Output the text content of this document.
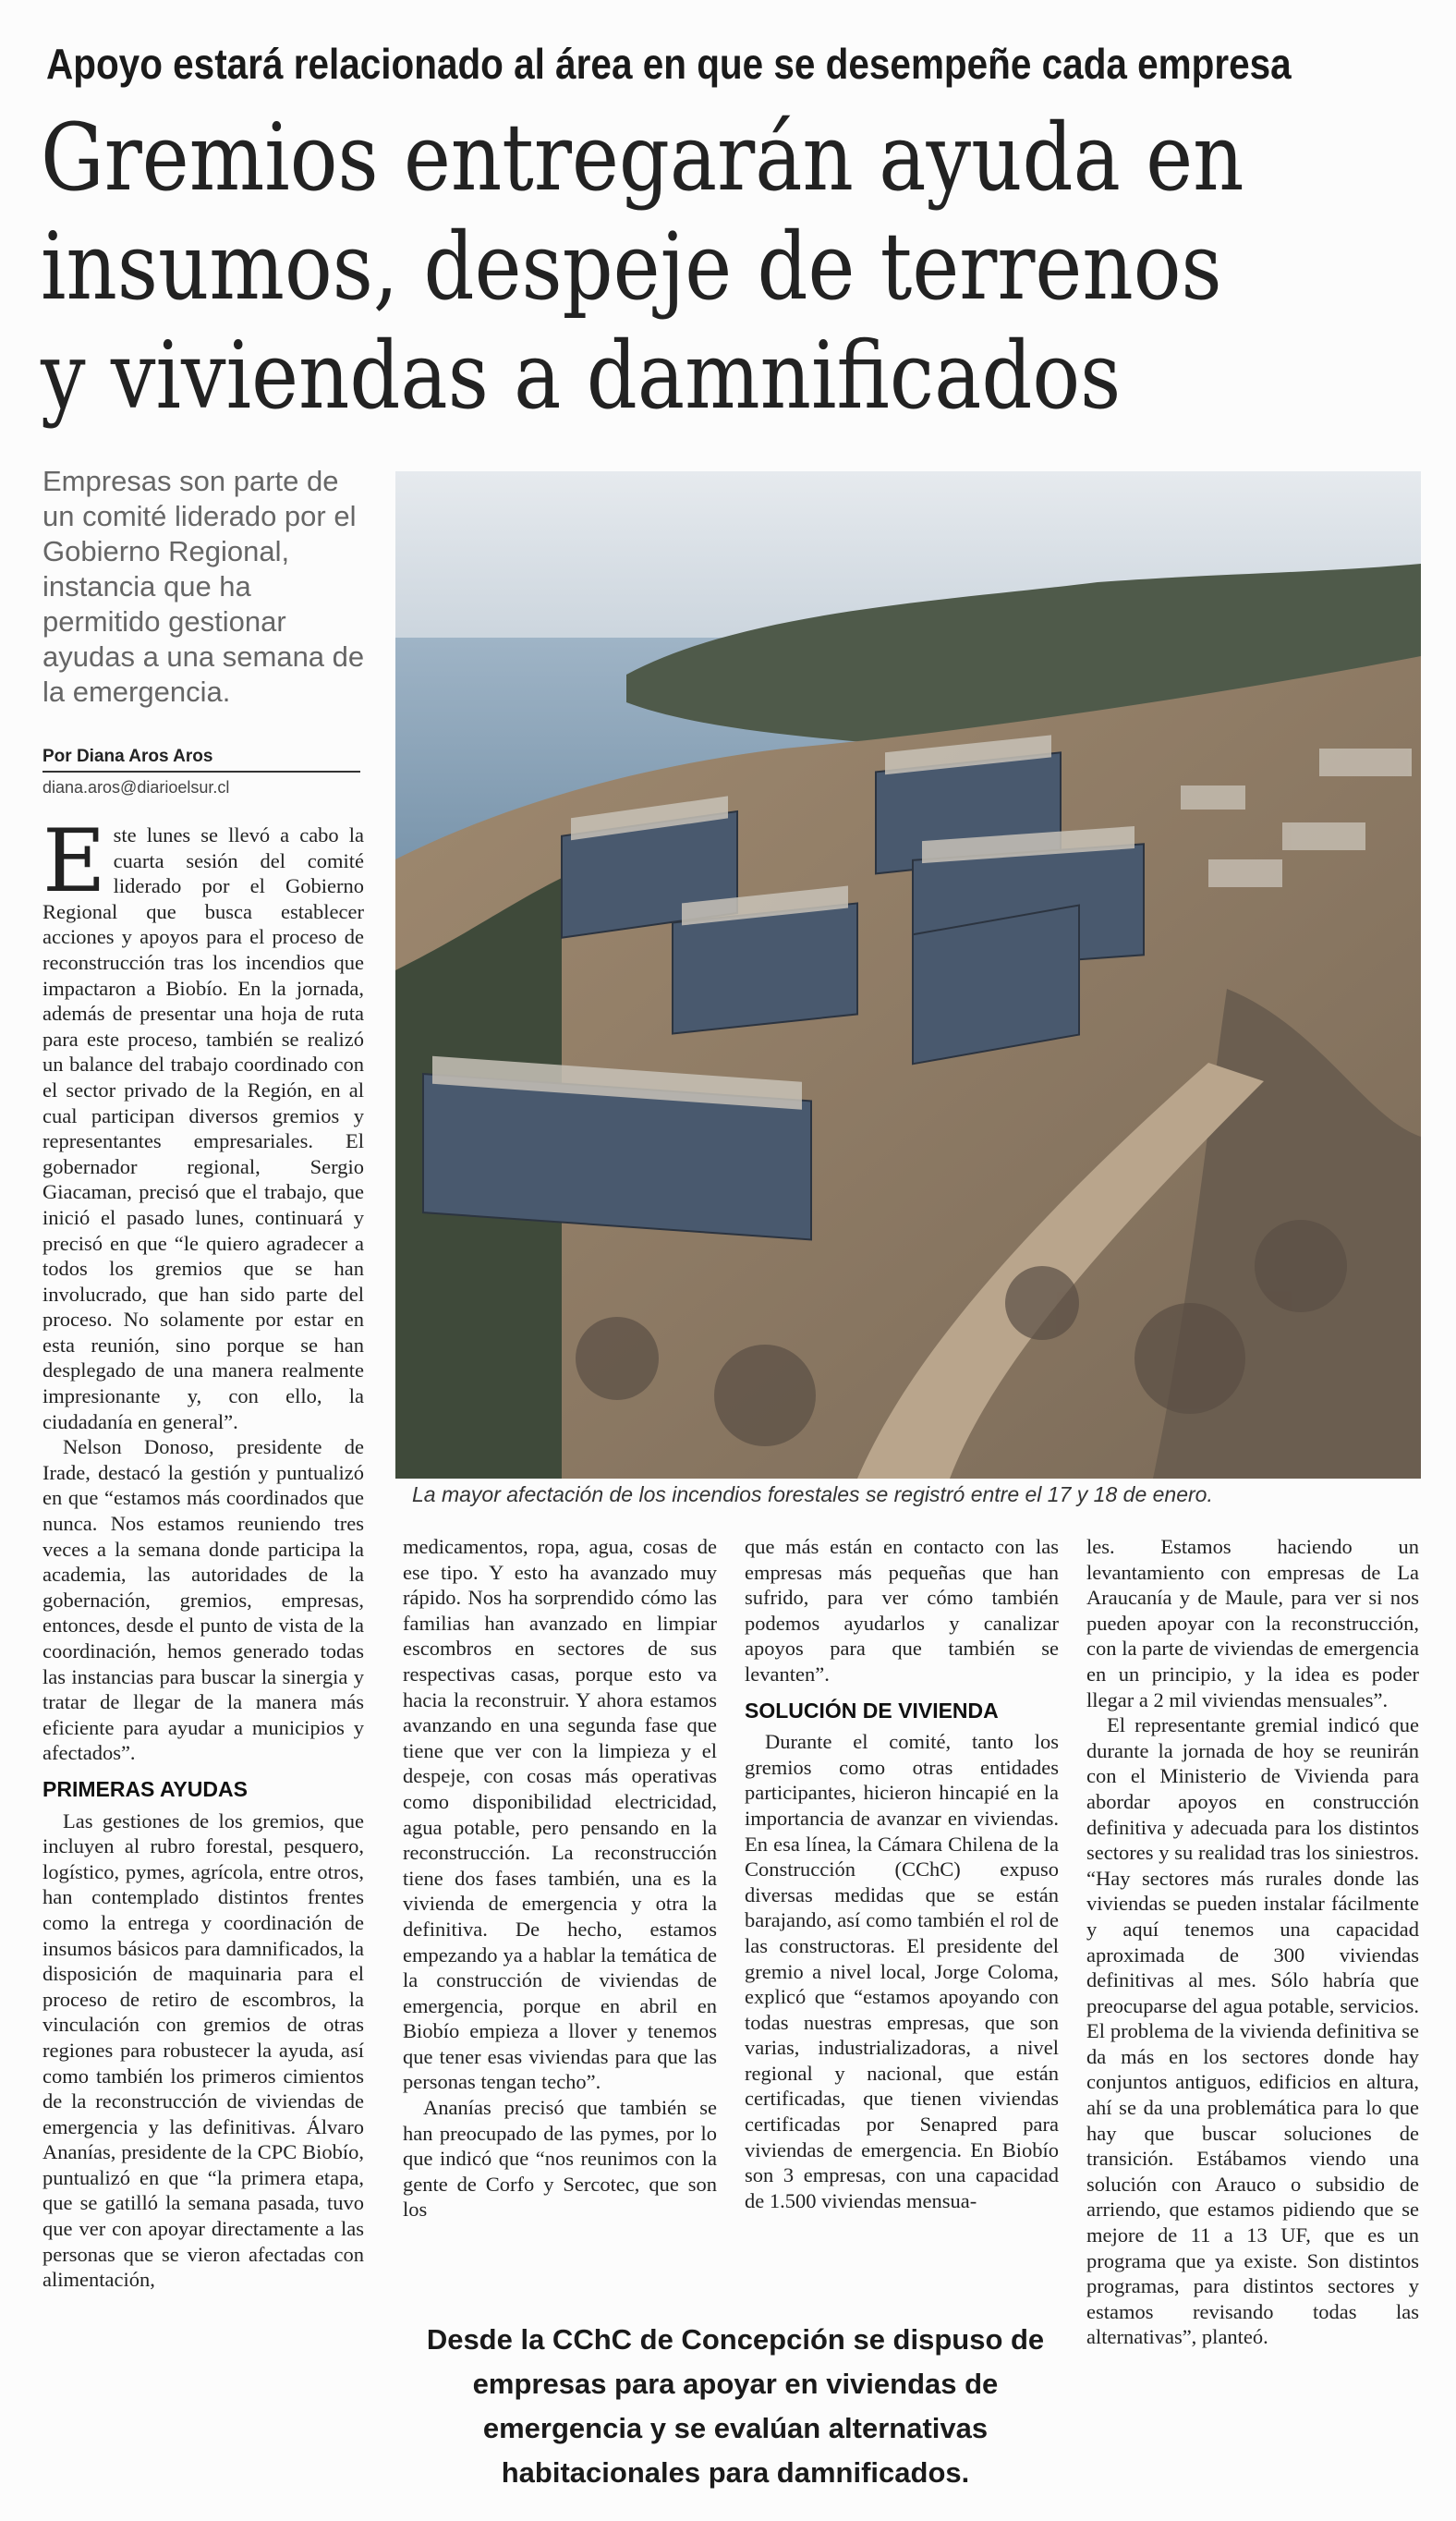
Apoyo estará relacionado al área en que se desempeñe cada empresa
Gremios entregarán ayuda en
insumos, despeje de terrenos
y viviendas a damnificados
Empresas son parte de un comité liderado por el Gobierno Regional, instancia que ha permitido gestionar ayudas a una semana de la emergencia.
Por Diana Aros Aros
diana.aros@diarioelsur.cl
La mayor afectación de los incendios forestales se registró entre el 17 y 18 de enero.

Este lunes se llevó a cabo la cuarta sesión del comité liderado por el Gobierno Regional que busca establecer acciones y apoyos para el proceso de reconstrucción tras los incendios que impactaron a Biobío. En la jornada, además de presentar una hoja de ruta para este proceso, también se realizó un balance del trabajo coordinado con el sector privado de la Región, en al cual participan diversos gremios y representantes empresariales. El gobernador regional, Sergio Giacaman, precisó que el trabajo, que inició el pasado lunes, continuará y precisó en que “le quiero agradecer a todos los gremios que se han involucrado, que han sido parte del proceso. No solamente por estar en esta reunión, sino porque se han desplegado de una manera realmente impresionante y, con ello, la ciudadanía en general”.

Nelson Donoso, presidente de Irade, destacó la gestión y puntualizó en que “estamos más coordinados que nunca. Nos estamos reuniendo tres veces a la semana donde participa la academia, las autoridades de la gobernación, gremios, empresas, entonces, desde el punto de vista de la coordinación, hemos generado todas las instancias para buscar la sinergia y tratar de llegar de la manera más eficiente para ayudar a municipios y afectados”.

PRIMERAS AYUDAS

Las gestiones de los gremios, que incluyen al rubro forestal, pesquero, logístico, pymes, agrícola, entre otros, han contemplado distintos frentes como la entrega y coordinación de insumos básicos para damnificados, la disposición de maquinaria para el proceso de retiro de escombros, la vinculación con gremios de otras regiones para robustecer la ayuda, así como también los primeros cimientos de la reconstrucción de viviendas de emergencia y las definitivas. Álvaro Ananías, presidente de la CPC Biobío, puntualizó en que “la primera etapa, que se gatilló la semana pasada, tuvo que ver con apoyar directamente a las personas que se vieron afectadas con alimentación,

medicamentos, ropa, agua, cosas de ese tipo. Y esto ha avanzado muy rápido. Nos ha sorprendido cómo las familias han avanzado en limpiar escombros en sectores de sus respectivas casas, porque esto va hacia la reconstruir. Y ahora estamos avanzando en una segunda fase que tiene que ver con la limpieza y el despeje, con cosas más operativas como disponibilidad electricidad, agua potable, pero pensando en la reconstrucción. La reconstrucción tiene dos fases también, una es la vivienda de emergencia y otra la definitiva. De hecho, estamos empezando ya a hablar la temática de la construcción de viviendas de emergencia, porque en abril en Biobío empieza a llover y tenemos que tener esas viviendas para que las personas tengan techo”.

Ananías precisó que también se han preocupado de las pymes, por lo que indicó que “nos reunimos con la gente de Corfo y Sercotec, que son los

que más están en contacto con las empresas más pequeñas que han sufrido, para ver cómo también podemos ayudarlos y canalizar apoyos para que también se levanten”.

SOLUCIÓN DE VIVIENDA

Durante el comité, tanto los gremios como otras entidades participantes, hicieron hincapié en la importancia de avanzar en viviendas. En esa línea, la Cámara Chilena de la Construcción (CChC) expuso diversas medidas que se están barajando, así como también el rol de las constructoras. El presidente del gremio a nivel local, Jorge Coloma, explicó que “estamos apoyando con todas nuestras empresas, que son varias, industrializadoras, a nivel regional y nacional, que están certificadas, que tienen viviendas certificadas por Senapred para viviendas de emergencia. En Biobío son 3 empresas, con una capacidad de 1.500 viviendas mensua-

les. Estamos haciendo un levantamiento con empresas de La Araucanía y de Maule, para ver si nos pueden apoyar con la reconstrucción, con la parte de viviendas de emergencia en un principio, y la idea es poder llegar a 2 mil viviendas mensuales”.

El representante gremial indicó que durante la jornada de hoy se reunirán con el Ministerio de Vivienda para abordar apoyos en construcción definitiva y adecuada para los distintos sectores y su realidad tras los siniestros. “Hay sectores más rurales donde las viviendas se pueden instalar fácilmente y aquí tenemos una capacidad aproximada de 300 viviendas definitivas al mes. Sólo habría que preocuparse del agua potable, servicios. El problema de la vivienda definitiva se da más en los sectores donde hay conjuntos antiguos, edificios en altura, ahí se da una problemática para lo que hay que buscar soluciones de transición. Estábamos viendo una solución con Arauco o subsidio de arriendo, que estamos pidiendo que se mejore de 11 a 13 UF, que es un programa que ya existe. Son distintos programas, para distintos sectores y estamos revisando todas las alternativas”, planteó.

Desde la CChC de Concepción se dispuso de empresas para apoyar en viviendas de emergencia y se evalúan alternativas habitacionales para damnificados.
